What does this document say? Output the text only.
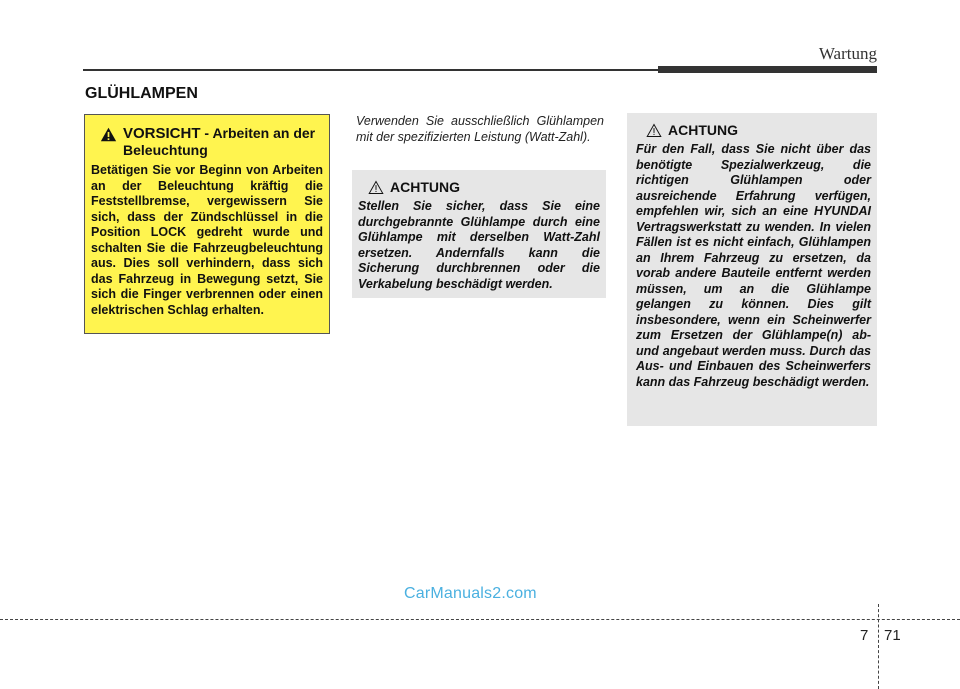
Wartung
GLÜHLAMPEN
VORSICHT - Arbeiten an der Beleuchtung
Betätigen Sie vor Beginn von Arbeiten an der Beleuchtung kräftig die Feststellbremse, vergewissern Sie sich, dass der Zündschlüssel in die Position LOCK gedreht wurde und schalten Sie die Fahrzeugbeleuchtung aus. Dies soll verhindern, dass sich das Fahrzeug in Bewegung setzt, Sie sich die Finger verbrennen oder einen elektrischen Schlag erhalten.
Verwenden Sie ausschließlich Glühlampen mit der spezifizierten Leistung (Watt-Zahl).
ACHTUNG
Stellen Sie sicher, dass Sie eine durchgebrannte Glühlampe durch eine Glühlampe mit derselben Watt-Zahl ersetzen. Andernfalls kann die Sicherung durchbrennen oder die Verkabelung beschädigt werden.
ACHTUNG
Für den Fall, dass Sie nicht über das benötigte Spezialwerkzeug, die richtigen Glühlampen oder ausreichende Erfahrung verfügen, empfehlen wir, sich an eine HYUNDAI Vertragswerkstatt zu wenden. In vielen Fällen ist es nicht einfach, Glühlampen an Ihrem Fahrzeug zu ersetzen, da vorab andere Bauteile entfernt werden müssen, um an die Glühlampe gelangen zu können. Dies gilt insbesondere, wenn ein Scheinwerfer zum Ersetzen der Glühlampe(n) ab- und angebaut werden muss. Durch das Aus- und Einbauen des Scheinwerfers kann das Fahrzeug beschädigt werden.
CarManuals2.com
7 71
